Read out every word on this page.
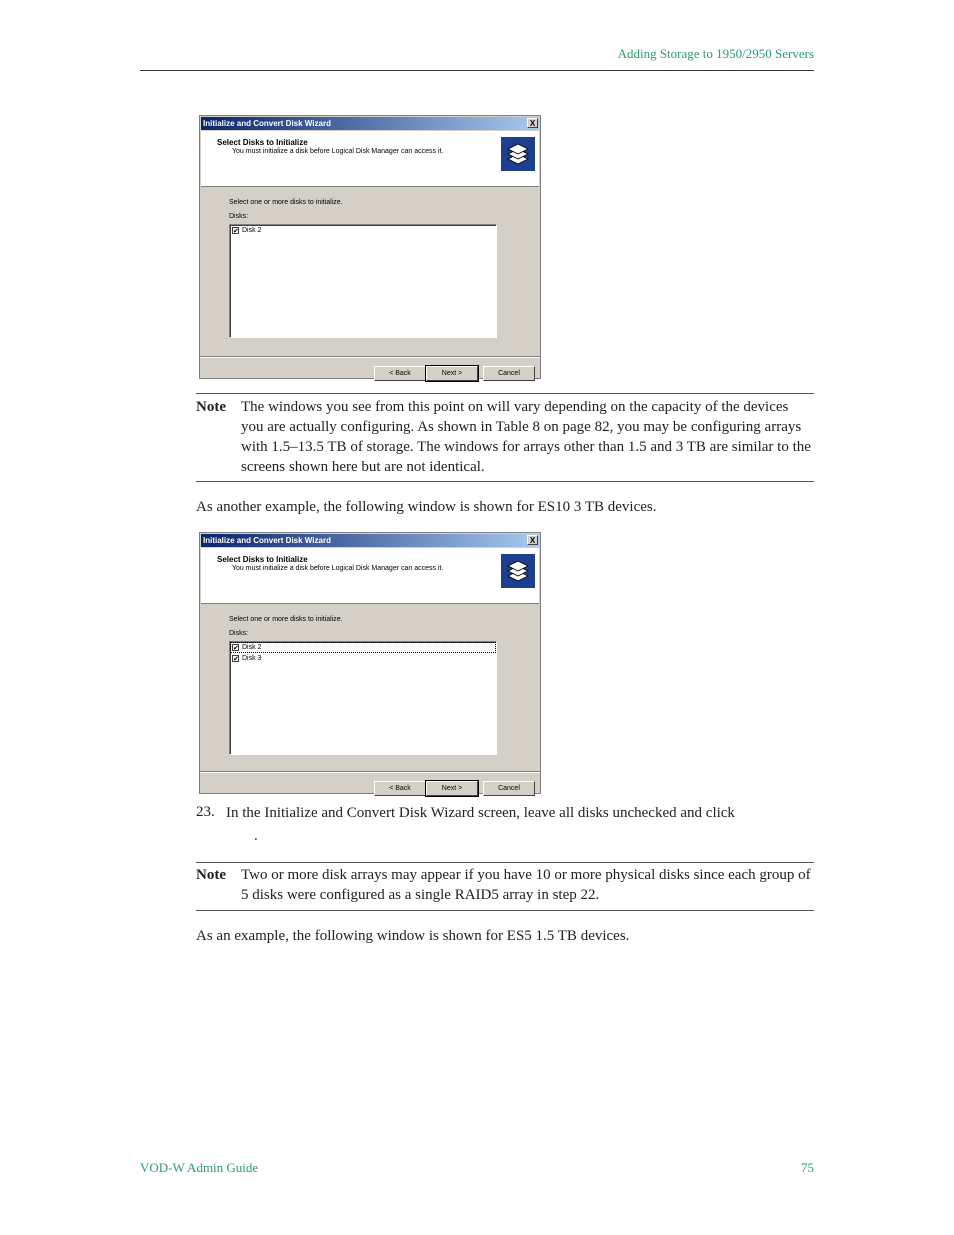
Adding Storage to 1950/2950 Servers
Initialize and Convert Disk Wizard	X
Select Disks to Initialize
You must initialize a disk before Logical Disk Manager can access it.
Select one or more disks to initialize.
Disks:
✔ Disk 2
< Back	Next >	Cancel
Note The windows you see from this point on will vary depending on the capacity of the devices you are actually configuring. As shown in Table 8 on page 82, you may be configuring arrays with 1.5–13.5 TB of storage. The windows for arrays other than 1.5 and 3 TB are similar to the screens shown here but are not identical.
As another example, the following window is shown for ES10 3 TB devices.
Initialize and Convert Disk Wizard	X
Select Disks to Initialize
You must initialize a disk before Logical Disk Manager can access it.
Select one or more disks to initialize.
Disks:
✔ Disk 2
✔ Disk 3
< Back	Next >	Cancel
23. In the Initialize and Convert Disk Wizard screen, leave all disks unchecked and click
.
Note Two or more disk arrays may appear if you have 10 or more physical disks since each group of 5 disks were configured as a single RAID5 array in step 22.
As an example, the following window is shown for ES5 1.5 TB devices.
VOD-W Admin Guide	75
